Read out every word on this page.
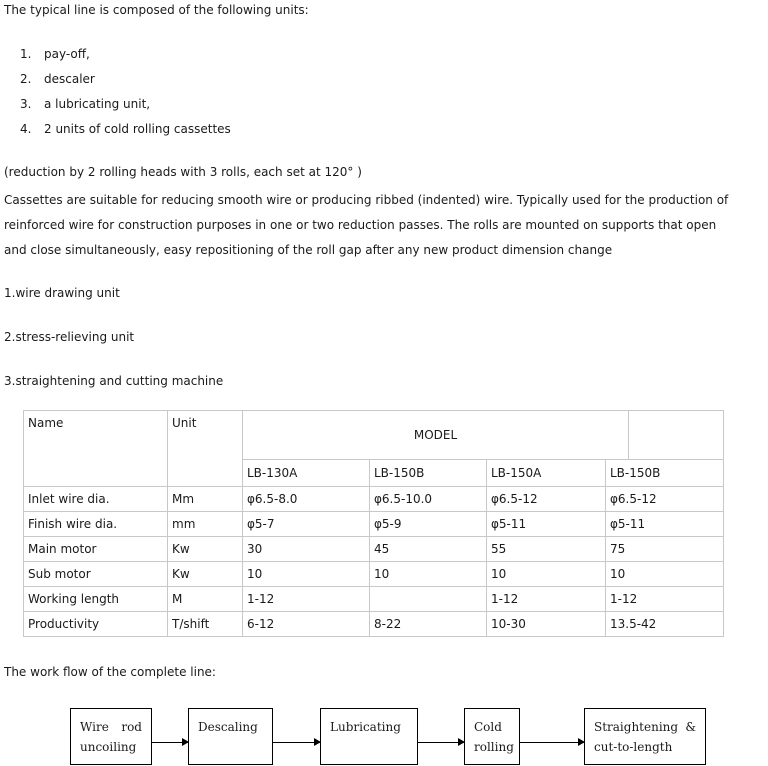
The typical line is composed of the following units:
1. pay-off,
2. descaler
3. a lubricating unit,
4. 2 units of cold rolling cassettes
(reduction by 2 rolling heads with 3 rolls, each set at 120° )
Cassettes are suitable for reducing smooth wire or producing ribbed (indented) wire. Typically used for the production of
reinforced wire for construction purposes in one or two reduction passes. The rolls are mounted on supports that open
and close simultaneously, easy repositioning of the roll gap after any new product dimension change
1.wire drawing unit
2.stress-relieving unit
3.straightening and cutting machine
Name	Unit	MODEL				
		LB-130A	LB-150B	LB-150A	LB-150B	
Inlet wire dia.	Mm	φ6.5-8.0	φ6.5-10.0	φ6.5-12	φ6.5-12	
Finish wire dia.	mm	φ5-7	φ5-9	φ5-11	φ5-11	
Main motor	Kw	30	45	55	75	
Sub motor	Kw	10	10	10	10	
Working length	M	1-12		1-12	1-12	
Productivity	T/shift	6-12	8-22	10-30	13.5-42	
The work flow of the complete line:
Wire rod
uncoiling
Descaling	Lubricating	Cold
rolling
Straightening &
cut-to-length
